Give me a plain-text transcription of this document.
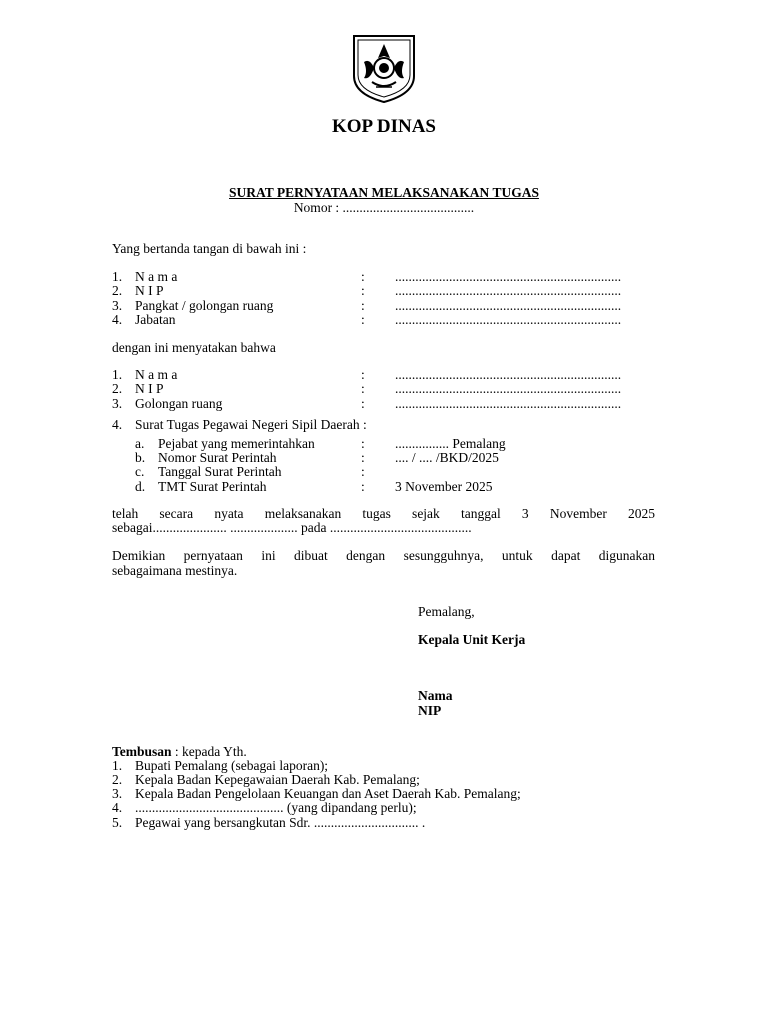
KOP DINAS
SURAT PERNYATAAN MELAKSANAKAN TUGAS
Nomor : .......................................
Yang bertanda tangan di bawah ini :
1. N a m a	: ...................................................................
2. N I P	: ...................................................................
3. Pangkat / golongan ruang	: ...................................................................
4. Jabatan	: ...................................................................
dengan ini menyatakan bahwa
1. N a m a	: ...................................................................
2. N I P	: ...................................................................
3. Golongan ruang	: ...................................................................
4. Surat Tugas Pegawai Negeri Sipil Daerah :
a. Pejabat yang memerintahkan	: ................ Pemalang
b. Nomor Surat Perintah	: .... / .... /BKD/2025
c. Tanggal Surat Perintah	:
d. TMT Surat Perintah	: 3 November 2025
telah secara nyata melaksanakan tugas sejak tanggal 3 November 2025
sebagai...................... .................... pada ..........................................
Demikian pernyataan ini dibuat dengan sesungguhnya, untuk dapat digunakan
sebagaimana mestinya.
Pemalang,
Kepala Unit Kerja
Nama
NIP
Tembusan : kepada Yth.
1. Bupati Pemalang (sebagai laporan);
2. Kepala Badan Kepegawaian Daerah Kab. Pemalang;
3. Kepala Badan Pengelolaan Keuangan dan Aset Daerah Kab. Pemalang;
4. ............................................ (yang dipandang perlu);
5. Pegawai yang bersangkutan Sdr. ............................... .
